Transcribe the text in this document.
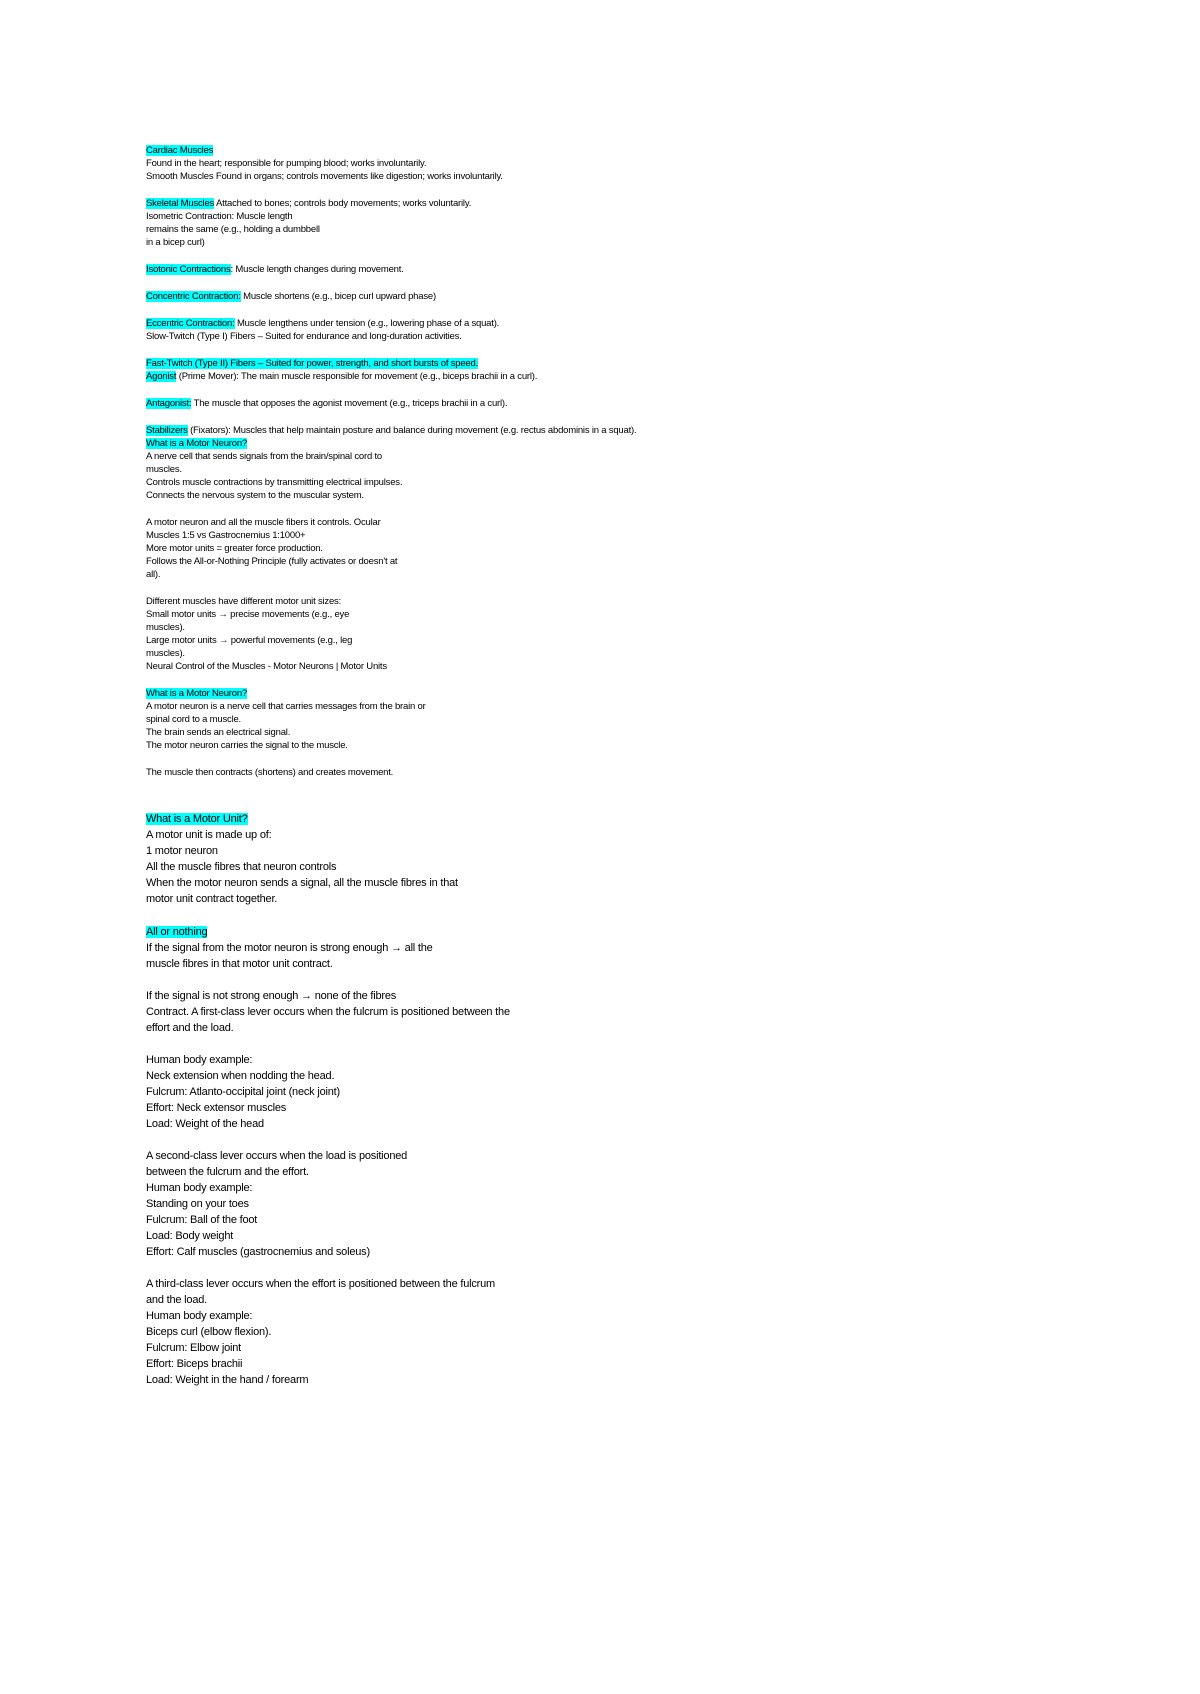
Cardiac Muscles
Found in the heart; responsible for pumping blood; works involuntarily.
Smooth Muscles Found in organs; controls movements like digestion; works involuntarily.
Skeletal Muscles Attached to bones; controls body movements; works voluntarily.
Isometric Contraction: Muscle length
remains the same (e.g., holding a dumbbell
in a bicep curl)
Isotonic Contractions: Muscle length changes during movement.
Concentric Contraction: Muscle shortens (e.g., bicep curl upward phase)
Eccentric Contraction: Muscle lengthens under tension (e.g., lowering phase of a squat).
Slow-Twitch (Type I) Fibers – Suited for endurance and long-duration activities.
Fast-Twitch (Type II) Fibers – Suited for power, strength, and short bursts of speed.
Agonist (Prime Mover): The main muscle responsible for movement (e.g., biceps brachii in a curl).
Antagonist: The muscle that opposes the agonist movement (e.g., triceps brachii in a curl).
Stabilizers (Fixators): Muscles that help maintain posture and balance during movement (e.g. rectus abdominis in a squat).
What is a Motor Neuron?
A nerve cell that sends signals from the brain/spinal cord to
muscles.
Controls muscle contractions by transmitting electrical impulses.
Connects the nervous system to the muscular system.
A motor neuron and all the muscle fibers it controls. Ocular
Muscles 1:5 vs Gastrocnemius 1:1000+
More motor units = greater force production.
Follows the All-or-Nothing Principle (fully activates or doesn't at
all).
Different muscles have different motor unit sizes:
Small motor units → precise movements (e.g., eye
muscles).
Large motor units → powerful movements (e.g., leg
muscles).
Neural Control of the Muscles - Motor Neurons | Motor Units
What is a Motor Neuron?
A motor neuron is a nerve cell that carries messages from the brain or
spinal cord to a muscle.
The brain sends an electrical signal.
The motor neuron carries the signal to the muscle.
The muscle then contracts (shortens) and creates movement.
What is a Motor Unit?
A motor unit is made up of:
1 motor neuron
All the muscle fibres that neuron controls
When the motor neuron sends a signal, all the muscle fibres in that
motor unit contract together.
All or nothing
If the signal from the motor neuron is strong enough → all the
muscle fibres in that motor unit contract.
If the signal is not strong enough → none of the fibres
Contract. A first-class lever occurs when the fulcrum is positioned between the
effort and the load.
Human body example:
Neck extension when nodding the head.
Fulcrum: Atlanto-occipital joint (neck joint)
Effort: Neck extensor muscles
Load: Weight of the head
A second-class lever occurs when the load is positioned
between the fulcrum and the effort.
Human body example:
Standing on your toes
Fulcrum: Ball of the foot
Load: Body weight
Effort: Calf muscles (gastrocnemius and soleus)
A third-class lever occurs when the effort is positioned between the fulcrum
and the load.
Human body example:
Biceps curl (elbow flexion).
Fulcrum: Elbow joint
Effort: Biceps brachii
Load: Weight in the hand / forearm
